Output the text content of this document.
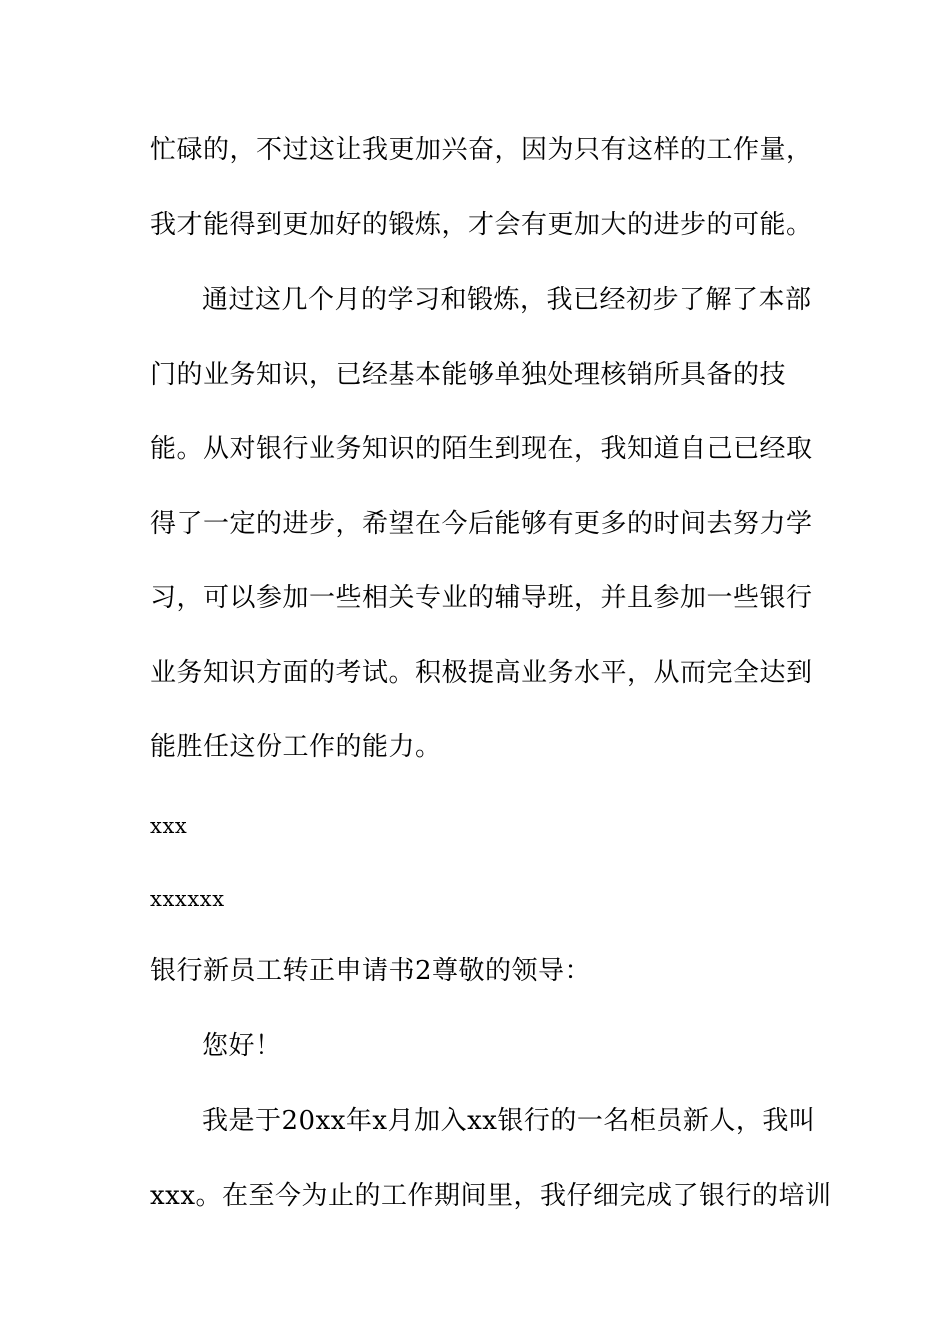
忙碌的，不过这让我更加兴奋，因为只有这样的工作量，
我才能得到更加好的锻炼，才会有更加大的进步的可能。
通过这几个月的学习和锻炼，我已经初步了解了本部
门的业务知识，已经基本能够单独处理核销所具备的技
能。从对银行业务知识的陌生到现在，我知道自己已经取
得了一定的进步，希望在今后能够有更多的时间去努力学
习，可以参加一些相关专业的辅导班，并且参加一些银行
业务知识方面的考试。积极提高业务水平，从而完全达到
能胜任这份工作的能力。
xxx
xxxxxx
银行新员工转正申请书2尊敬的领导：
您好！
我是于20xx年x月加入xx银行的一名柜员新人，我叫
xxx。在至今为止的工作期间里，我仔细完成了银行的培训
